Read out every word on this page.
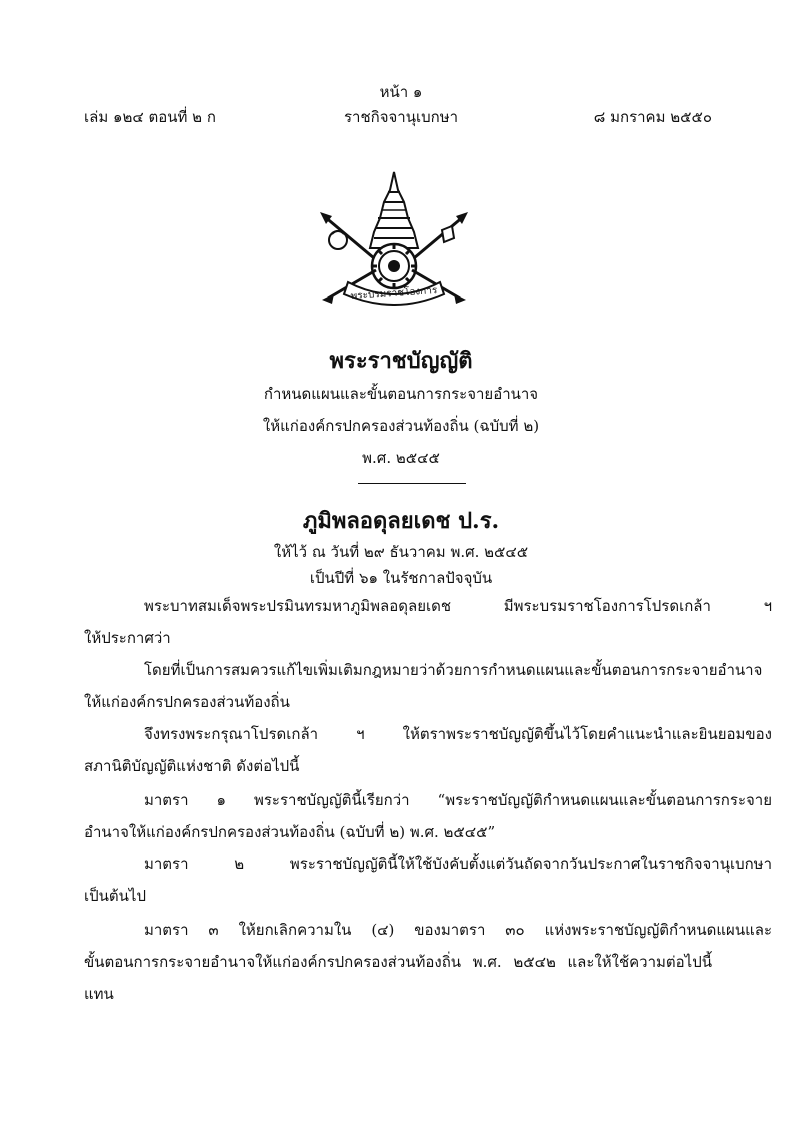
หน้า ๑
เล่ม ๑๒๔ ตอนที่ ๒ ก	ราชกิจจานุเบกษา	๘ มกราคม ๒๕๕๐
พระบรมราชโองการ
พระราชบัญญัติ
กำหนดแผนและขั้นตอนการกระจายอำนาจ
ให้แก่องค์กรปกครองส่วนท้องถิ่น (ฉบับที่ ๒)
พ.ศ. ๒๕๔๕
ภูมิพลอดุลยเดช ป.ร.
ให้ไว้ ณ วันที่ ๒๙ ธันวาคม พ.ศ. ๒๕๔๕
เป็นปีที่ ๖๑ ในรัชกาลปัจจุบัน
พระบาทสมเด็จพระปรมินทรมหาภูมิพลอดุลยเดช มีพระบรมราชโองการโปรดเกล้า ฯ
ให้ประกาศว่า
โดยที่เป็นการสมควรแก้ไขเพิ่มเติมกฎหมายว่าด้วยการกำหนดแผนและขั้นตอนการกระจายอำนาจ
ให้แก่องค์กรปกครองส่วนท้องถิ่น
จึงทรงพระกรุณาโปรดเกล้า ฯ ให้ตราพระราชบัญญัติขึ้นไว้โดยคำแนะนำและยินยอมของ
สภานิติบัญญัติแห่งชาติ ดังต่อไปนี้
มาตรา ๑ พระราชบัญญัตินี้เรียกว่า “พระราชบัญญัติกำหนดแผนและขั้นตอนการกระจาย
อำนาจให้แก่องค์กรปกครองส่วนท้องถิ่น (ฉบับที่ ๒) พ.ศ. ๒๕๔๕”
มาตรา ๒ พระราชบัญญัตินี้ให้ใช้บังคับตั้งแต่วันถัดจากวันประกาศในราชกิจจานุเบกษา
เป็นต้นไป
มาตรา ๓ ให้ยกเลิกความใน (๔) ของมาตรา ๓๐ แห่งพระราชบัญญัติกำหนดแผนและ
ขั้นตอนการกระจายอำนาจให้แก่องค์กรปกครองส่วนท้องถิ่น พ.ศ. ๒๕๔๒ และให้ใช้ความต่อไปนี้แทน
